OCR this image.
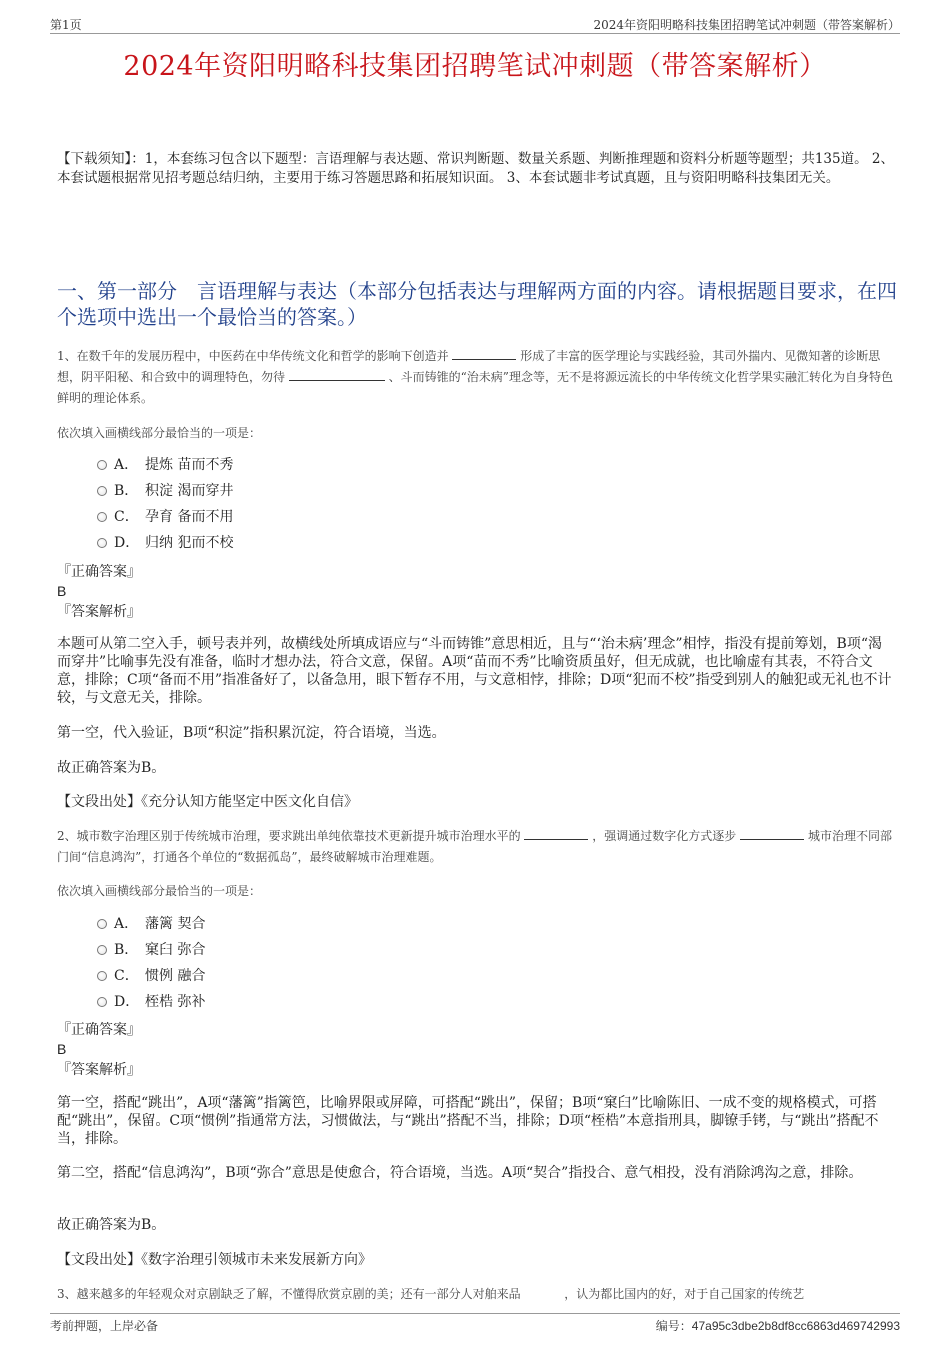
第1页	2024年资阳明略科技集团招聘笔试冲刺题（带答案解析）
2024年资阳明略科技集团招聘笔试冲刺题（带答案解析）
【下载须知】：1，本套练习包含以下题型：言语理解与表达题、常识判断题、数量关系题、判断推理题和资料分析题等题型；共135道。 2、本套试题根据常见招考题总结归纳，主要用于练习答题思路和拓展知识面。 3、本套试题非考试真题，且与资阳明略科技集团无关。
一、第一部分　言语理解与表达（本部分包括表达与理解两方面的内容。请根据题目要求，在四个选项中选出一个最恰当的答案。）
1、在数千年的发展历程中，中医药在中华传统文化和哲学的影响下创造并	形成了丰富的医学理论与实践经验，其司外揣内、见微知著的诊断思想，阴平阳秘、和合致中的调理特色，勿待	、斗而铸锥的“治未病”理念等，无不是将源远流长的中华传统文化哲学果实融汇转化为自身特色鲜明的理论体系。
依次填入画横线部分最恰当的一项是：
A． 提炼 苗而不秀
B． 积淀 渴而穿井
C． 孕育 备而不用
D． 归纳 犯而不校
『正确答案』
B
『答案解析』
本题可从第二空入手，顿号表并列，故横线处所填成语应与“斗而铸锥”意思相近，且与“‘治未病’理念”相悖，指没有提前筹划，B项“渴而穿井”比喻事先没有准备，临时才想办法，符合文意，保留。A项“苗而不秀”比喻资质虽好，但无成就，也比喻虚有其表，不符合文意，排除；C项“备而不用”指准备好了，以备急用，眼下暂存不用，与文意相悖，排除；D项“犯而不校”指受到别人的触犯或无礼也不计较，与文意无关，排除。
第一空，代入验证，B项“积淀”指积累沉淀，符合语境，当选。
故正确答案为B。
【文段出处】《充分认知方能坚定中医文化自信》
2、城市数字治理区别于传统城市治理，要求跳出单纯依靠技术更新提升城市治理水平的	，强调通过数字化方式逐步	城市治理不同部门间“信息鸿沟”，打通各个单位的“数据孤岛”，最终破解城市治理难题。
依次填入画横线部分最恰当的一项是：
A． 藩篱 契合
B． 窠臼 弥合
C． 惯例 融合
D． 桎梏 弥补
『正确答案』
B
『答案解析』
第一空，搭配“跳出”，A项“藩篱”指篱笆，比喻界限或屏障，可搭配“跳出”，保留；B项“窠臼”比喻陈旧、一成不变的规格模式，可搭配“跳出”，保留。C项“惯例”指通常方法，习惯做法，与“跳出”搭配不当，排除；D项“桎梏”本意指刑具，脚镣手铐，与“跳出”搭配不当，排除。
第二空，搭配“信息鸿沟”，B项“弥合”意思是使愈合，符合语境，当选。A项“契合”指投合、意气相投，没有消除鸿沟之意，排除。
故正确答案为B。
【文段出处】《数字治理引领城市未来发展新方向》
3、越来越多的年轻观众对京剧缺乏了解，不懂得欣赏京剧的美；还有一部分人对舶来品	，认为都比国内的好，对于自己国家的传统艺
考前押题，上岸必备	编号：47a95c3dbe2b8df8cc6863d469742993
